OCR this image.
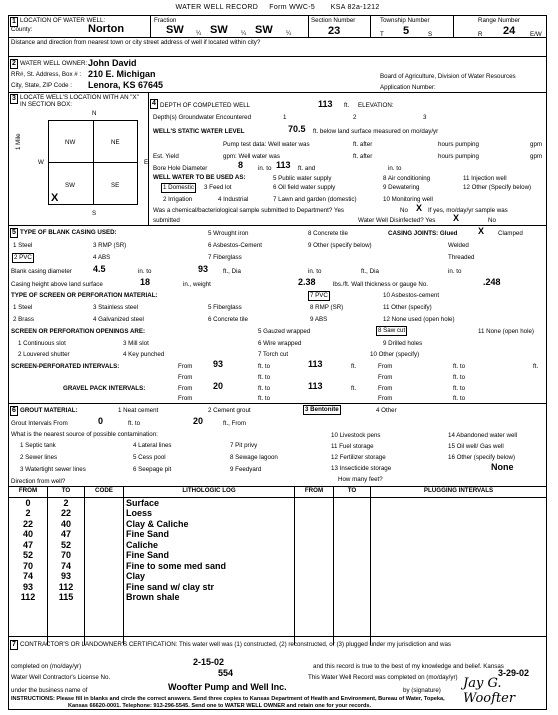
WATER WELL RECORD Form WWC-5 KSA 82a-1212
1 LOCATION OF WATER WELL:
County:	Norton
Fraction
SW ¼ SW ¼ SW ¼
Section Number
23
Township Number
T 5	S
Range Number
R 24 E/W
Distance and direction from nearest town or city street address of well if located within city?
2 WATER WELL OWNER: John David
RR#, St. Address, Box # : 210 E. Michigan
City, State, ZIP Code : Lenora, KS 67645
Board of Agriculture, Division of Water Resources
Application Number:
3 LOCATE WELL'S LOCATION WITH AN "X" IN SECTION BOX:
N
S
W	E
1 Mile	NW	NE
SW	SE
X
4 DEPTH OF COMPLETED WELL	113 ft. ELEVATION:
Depth(s) Groundwater Encountered	1	2	3
WELL'S STATIC WATER LEVEL	70.5 ft. below land surface measured on mo/day/yr
Pump test data: Well water was	ft. after	hours pumping	gpm
Est. Yield	gpm: Well water was	ft. after	hours pumping	gpm
Bore Hole Diameter	8 in. to 113 ft. and	in. to
WELL WATER TO BE USED AS:
1 Domestic	3 Feed lot
5 Public water supply	8 Air conditioning	11 Injection well
6 Oil field water supply	9 Dewatering	12 Other (Specify below)
2 Irrigation	4 Industrial	7 Lawn and garden (domestic)	10 Monitoring well
Was a chemical/bacteriological sample submitted to Department? Yes	No X If yes, mo/day/yr sample was
submitted	Water Well Disinfected? Yes X	No
5 TYPE OF BLANK CASING USED:
1 Steel	3 RMP (SR)
5 Wrought iron
6 Asbestos-Cement
7 Fiberglass
8 Concrete tile
9 Other (specify below)
2 PVC	4 ABS
CASING JOINTS: Glued X Clamped
Welded
Threaded
Blank casing diameter 4.5	in. to	93 ft., Dia	in. to	ft., Dia	in. to
Casing height above land surface	18	in., weight	2.38	lbs./ft. Wall thickness or gauge No.	.248
TYPE OF SCREEN OR PERFORATION MATERIAL:
1 Steel	3 Stainless steel	5 Fiberglass
7 PVC	10 Asbestos-cement
2 Brass	4 Galvanized steel	6 Concrete tile
8 RMP (SR)
9 ABS
11 Other (specify)
12 None used (open hole)
SCREEN OR PERFORATION OPENINGS ARE:	5 Gauzed wrapped	8 Saw cut	11 None (open hole)
1 Continuous slot	3 Mill slot	6 Wire wrapped	9 Drilled holes
2 Louvered shutter	4 Key punched	7 Torch cut	10 Other (specify)
SCREEN-PERFORATED INTERVALS:	From 93	ft. to	113	ft.	From	ft. to	ft.
From	ft. to	From	ft. to
GRAVEL PACK INTERVALS:	From 20	ft. to	113	ft.	From	ft. to
From	ft. to	From	ft. to
6 GROUT MATERIAL:	1 Neat cement	2 Cement grout	3 Bentonite	4 Other
Grout Intervals From	0	ft. to	20	ft., From
What is the nearest source of possible contamination:
1 Septic tank	4 Lateral lines	7 Pit privy
10 Livestock pens	14 Abandoned water well
2 Sewer lines	5 Cess pool	8 Sewage lagoon
11 Fuel storage	15 Oil well/ Gas well
3 Watertight sewer lines	6 Seepage pit	9 Feedyard
12 Fertilizer storage	16 Other (specify below)
13 Insecticide storage	None
Direction from well?	How many feet?
FROM	TO	CODE	LITHOLOGIC LOG	FROM	TO	PLUGGING INTERVALS
0	2		Surface			
2	22		Loess			
22	40		Clay & Caliche			
40	47		Fine Sand			
47	52		Caliche			
52	70		Fine Sand			
70	74		Fine to some med sand			
74	93		Clay			
93	112		Fine sand w/ clay str			
112	115		Brown shale			

7 CONTRACTOR'S OR LANDOWNER'S CERTIFICATION: This water well was (1) constructed, (2) reconstructed, or (3) plugged under my jurisdiction and was
completed on (mo/day/yr)	2-15-02	and this record is true to the best of my knowledge and belief. Kansas
Water Well Contractor's License No.	554	This Water Well Record was completed on (mo/day/yr)	3-29-02
under the business name of	Woofter Pump and Well Inc.	by (signature) Jay G. Woofter
INSTRUCTIONS: Please fill in blanks and circle the correct answers. Send three copies to Kansas Department of Health and Environment, Bureau of Water, Topeka,
Kansas 66620-0001. Telephone: 913-296-5545. Send one to WATER WELL OWNER and retain one for your records.
